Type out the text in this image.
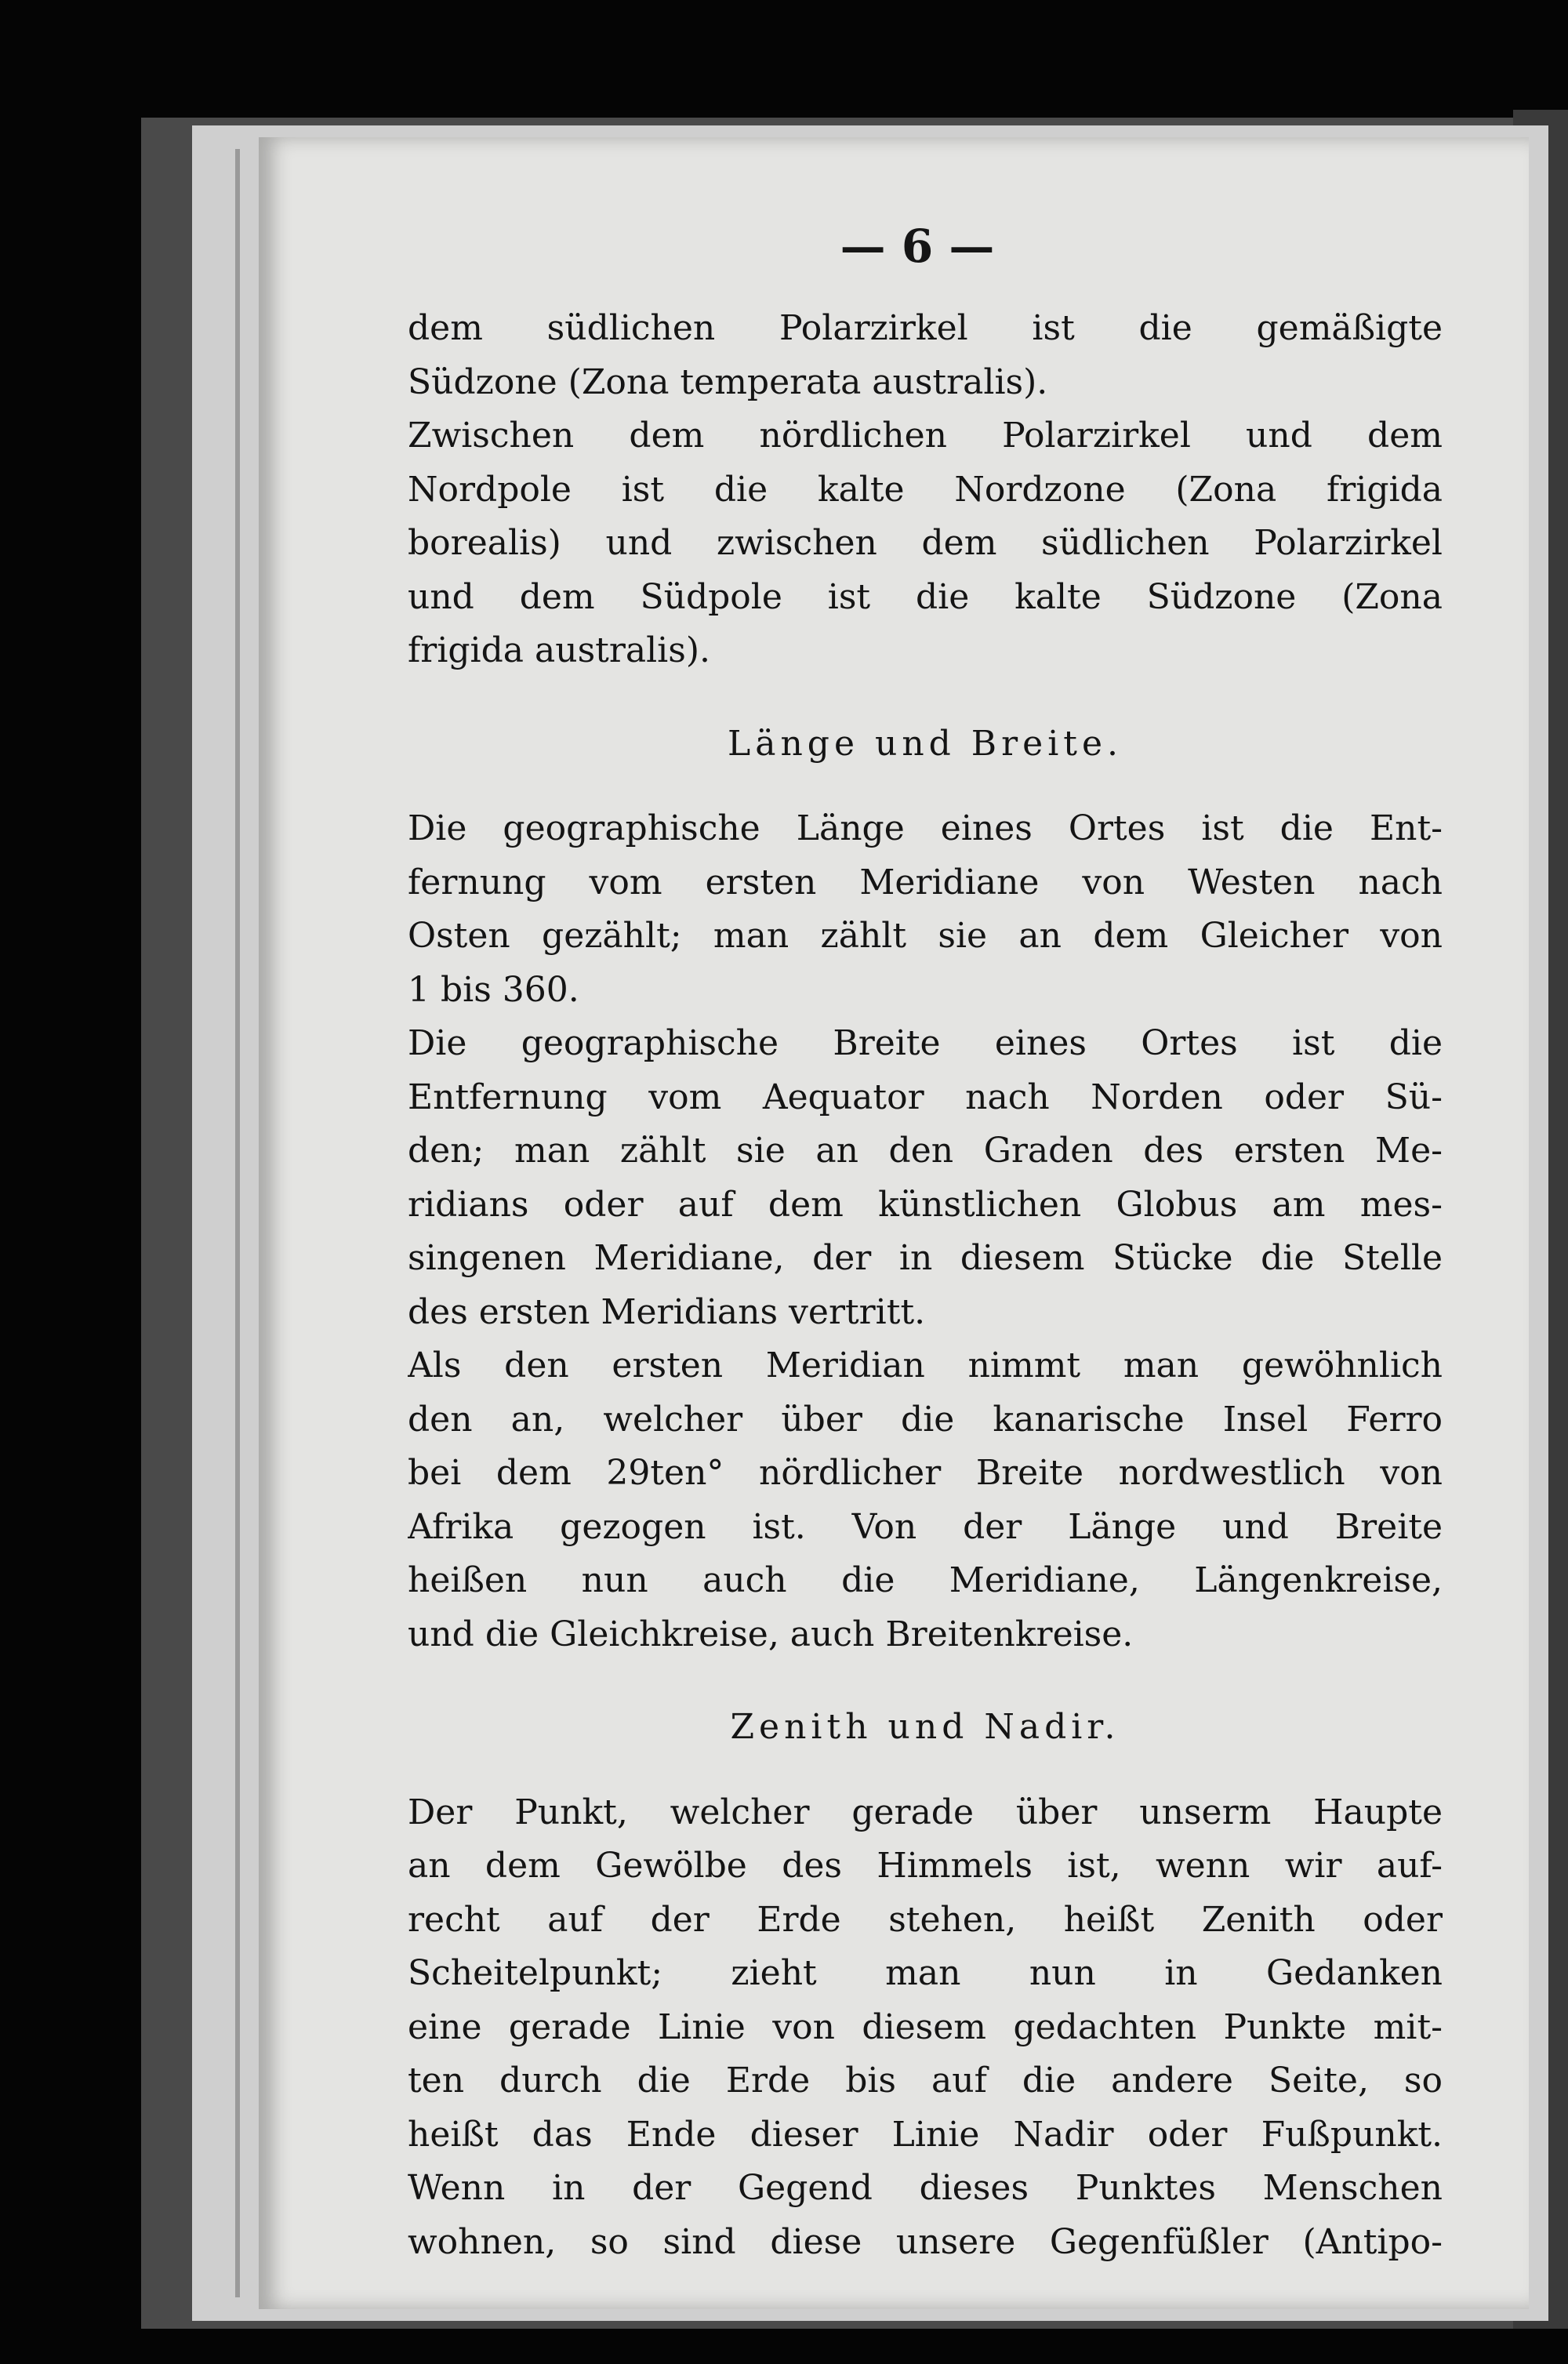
— 6 —
dem südlichen Polarzirkel ist die gemäßigte
Südzone (Zona temperata australis).
Zwischen dem nördlichen Polarzirkel und dem
Nordpole ist die kalte Nordzone (Zona frigida
borealis) und zwischen dem südlichen Polarzirkel
und dem Südpole ist die kalte Südzone (Zona
frigida australis).
Länge und Breite.
Die geographische Länge eines Ortes ist die Ent-
fernung vom ersten Meridiane von Westen nach
Osten gezählt; man zählt sie an dem Gleicher von
1 bis 360.
Die geographische Breite eines Ortes ist die
Entfernung vom Aequator nach Norden oder Sü-
den; man zählt sie an den Graden des ersten Me-
ridians oder auf dem künstlichen Globus am mes-
singenen Meridiane, der in diesem Stücke die Stelle
des ersten Meridians vertritt.
Als den ersten Meridian nimmt man gewöhnlich
den an, welcher über die kanarische Insel Ferro
bei dem 29ten° nördlicher Breite nordwestlich von
Afrika gezogen ist. Von der Länge und Breite
heißen nun auch die Meridiane, Längenkreise,
und die Gleichkreise, auch Breitenkreise.
Zenith und Nadir.
Der Punkt, welcher gerade über unserm Haupte
an dem Gewölbe des Himmels ist, wenn wir auf-
recht auf der Erde stehen, heißt Zenith oder
Scheitelpunkt; zieht man nun in Gedanken
eine gerade Linie von diesem gedachten Punkte mit-
ten durch die Erde bis auf die andere Seite, so
heißt das Ende dieser Linie Nadir oder Fußpunkt.
Wenn in der Gegend dieses Punktes Menschen
wohnen, so sind diese unsere Gegenfüßler (Antipo-
